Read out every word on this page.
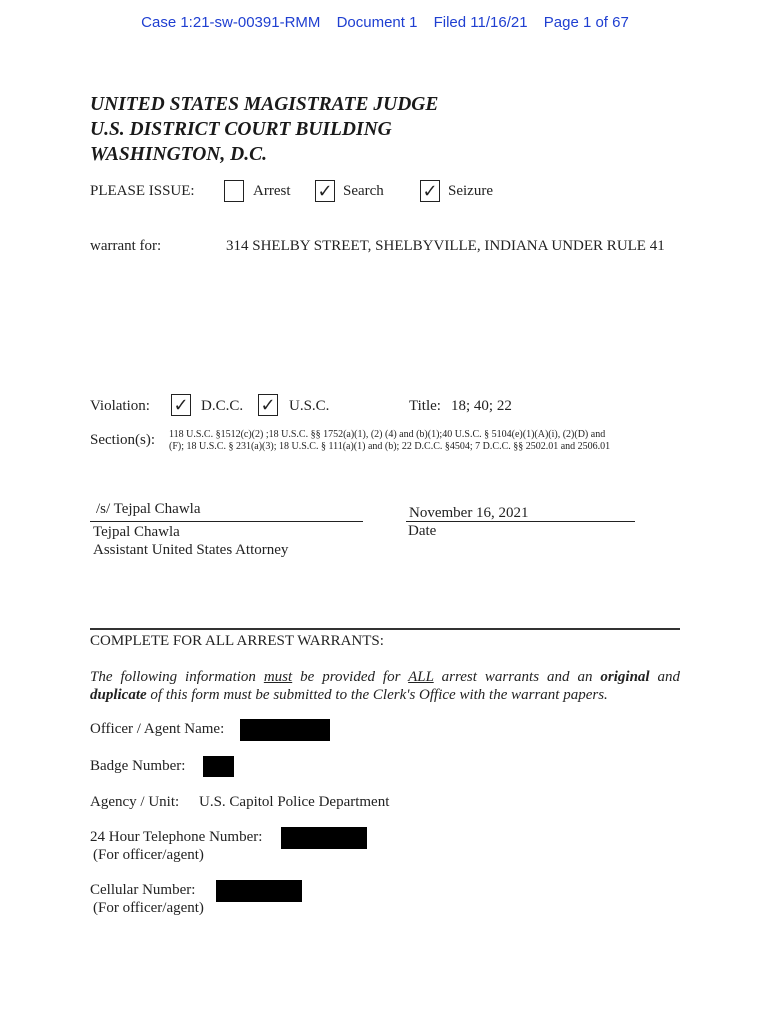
Case 1:21-sw-00391-RMM Document 1 Filed 11/16/21 Page 1 of 67
UNITED STATES MAGISTRATE JUDGE
U.S. DISTRICT COURT BUILDING
WASHINGTON, D.C.
PLEASE ISSUE:	Arrest ✓ Search ✓ Seizure
warrant for:	314 SHELBY STREET, SHELBYVILLE, INDIANA UNDER RULE 41
Violation: ✓ D.C.C. ✓ U.S.C.	Title: 18; 40; 22
Section(s): 118 U.S.C. §1512(c)(2) ;18 U.S.C. §§ 1752(a)(1), (2) (4) and (b)(1);40 U.S.C. § 5104(e)(1)(A)(i), (2)(D) and
(F); 18 U.S.C. § 231(a)(3); 18 U.S.C. § 111(a)(1) and (b); 22 D.C.C. §4504; 7 D.C.C. §§ 2502.01 and 2506.01
/s/ Tejpal Chawla
Tejpal Chawla
Assistant United States Attorney
November 16, 2021
Date
COMPLETE FOR ALL ARREST WARRANTS:
The following information must be provided for ALL arrest warrants and an original and duplicate of this form must be submitted to the Clerk's Office with the warrant papers.
Officer / Agent Name:
Badge Number:
Agency / Unit: U.S. Capitol Police Department
24 Hour Telephone Number:
(For officer/agent)
Cellular Number:
(For officer/agent)
